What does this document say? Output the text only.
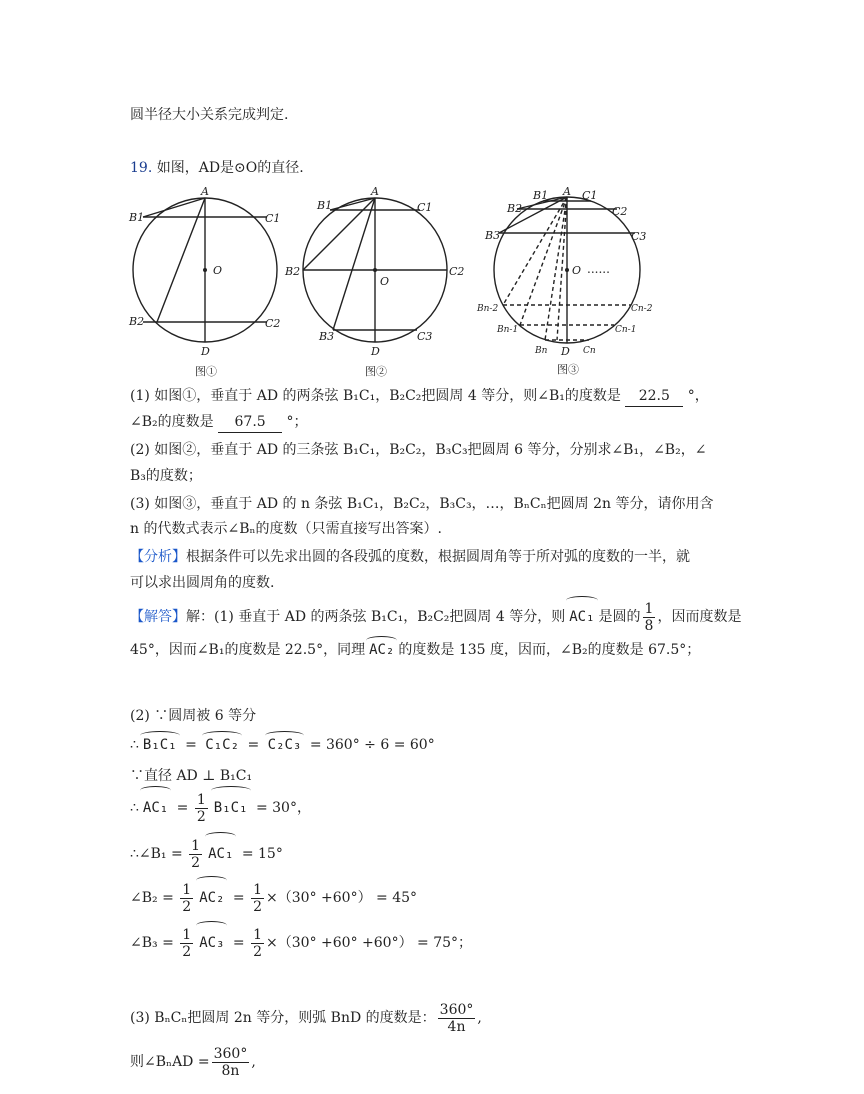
圆半径大小关系完成判定.
19. 如图，AD是⊙O的直径.
A
B1	C1
O
B2	C2
D
A
B1	C1
B2	C2
O
B3	C3
D
A
B1	C1
B2	C2
B3	C3
O ......
Bn-2	Cn-2
Bn-1	Cn-1
Bn D Cn
图①	图②	图③
(1) 如图①，垂直于 AD 的两条弦 B₁C₁，B₂C₂把圆周 4 等分，则∠B₁的度数是 22.5 °，
∠B₂的度数是 67.5 °；
(2) 如图②，垂直于 AD 的三条弦 B₁C₁，B₂C₂，B₃C₃把圆周 6 等分，分别求∠B₁，∠B₂，∠
B₃的度数；
(3) 如图③，垂直于 AD 的 n 条弦 B₁C₁，B₂C₂，B₃C₃，…，BₙCₙ把圆周 2n 等分，请你用含
n 的代数式表示∠Bₙ的度数（只需直接写出答案）.
【分析】根据条件可以先求出圆的各段弧的度数，根据圆周角等于所对弧的度数的一半，就
可以求出圆周角的度数.
【解答】解：(1) 垂直于 AD 的两条弦 B₁C₁，B₂C₂把圆周 4 等分，则 AC₁ 是圆的 $\frac{1}{8}$ ，因而度数是
45°，因而∠B₁的度数是 22.5°，同理 AC₂ 的度数是 135 度，因而，∠B₂的度数是 67.5°；
(2) ∵圆周被 6 等分
∴ B₁C₁ = C₁C₂ = C₂C₃ = 360° ÷ 6 = 60°
∵直径 AD ⊥ B₁C₁
∴ $AC_1 = \frac{1}{2} B_1C_1 = 30^\circ$，
∴∠B₁ = $\frac{1}{2} AC_1 = 15^\circ$
∠B₂ = $\frac{1}{2} AC_2 = \frac{1}{2} \times(30^\circ +60^\circ) = 45^\circ$
∠B₃ = $\frac{1}{2} AC_3 = \frac{1}{2} \times(30^\circ +60^\circ +60^\circ) = 75^\circ$；
(3) BₙCₙ把圆周 2n 等分，则弧 BnD 的度数是： $\frac{360^\circ}{4n}$ ,
则∠BₙAD = $\frac{360^\circ}{8n}$ ,
